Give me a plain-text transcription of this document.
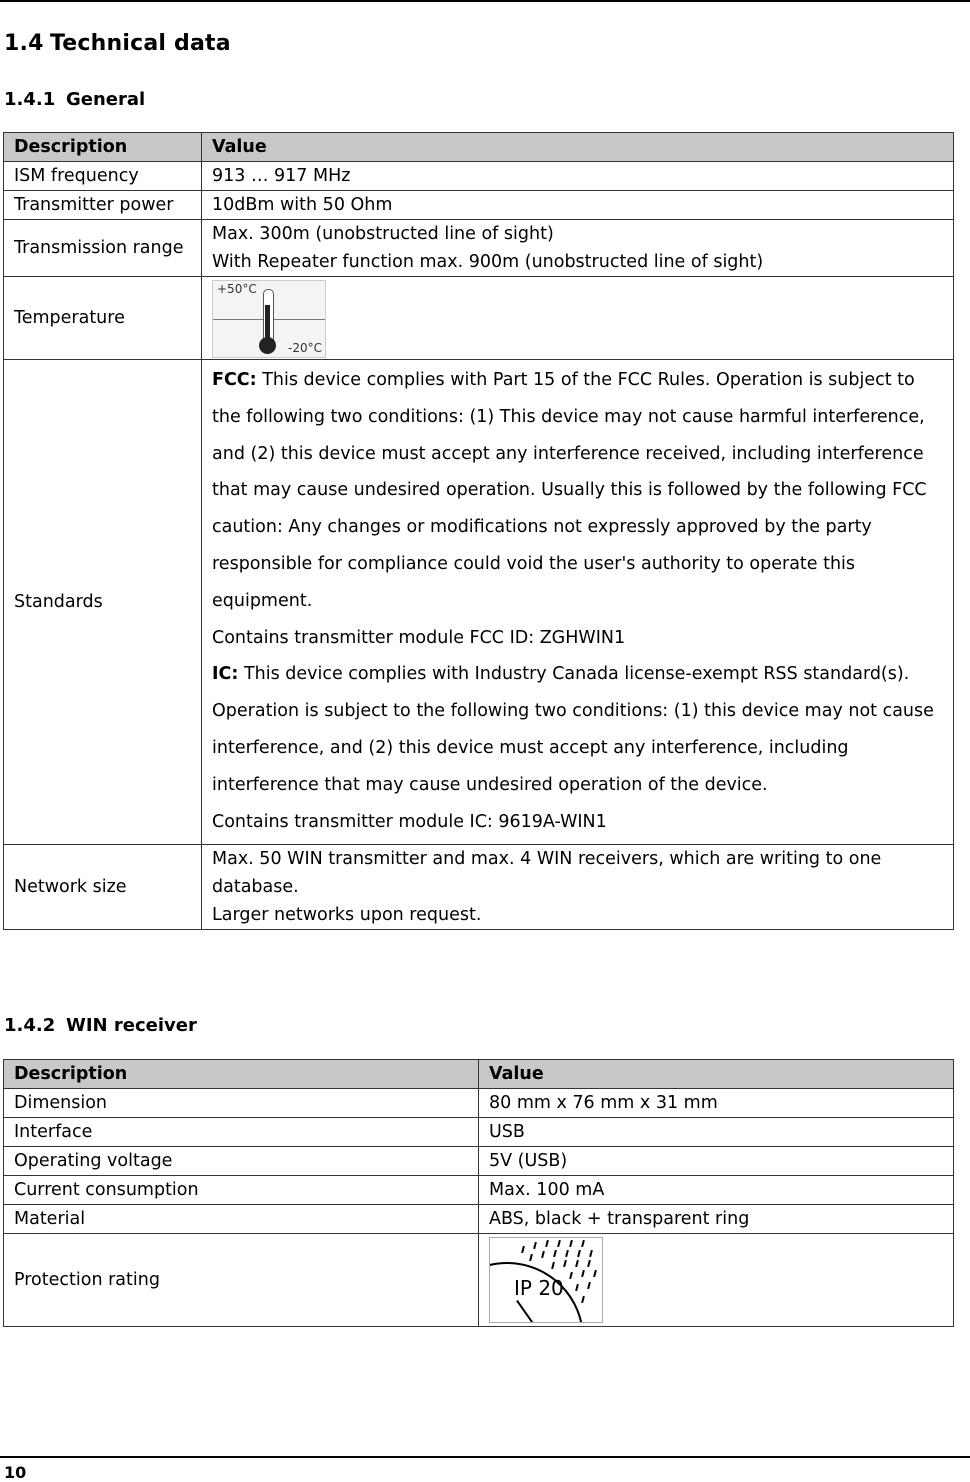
1.4 Technical data
1.4.1 General
Description	Value
ISM frequency	913 … 917 MHz
Transmitter power	10dBm with 50 Ohm
Transmission range	Max. 300m (unobstructed line of sight)
With Repeater function max. 900m (unobstructed line of sight)

Temperature	+50°C
-20°C

Standards	FCC: This device complies with Part 15 of the FCC Rules. Operation is subject to the following two conditions: (1) This device may not cause harmful interference, and (2) this device must accept any interference received, including interference that may cause undesired operation. Usually this is followed by the following FCC caution: Any changes or modifications not expressly approved by the party responsible for compliance could void the user's authority to operate this equipment.
Contains transmitter module FCC ID: ZGHWIN1
IC: This device complies with Industry Canada license-exempt RSS standard(s). Operation is subject to the following two conditions: (1) this device may not cause interference, and (2) this device must accept any interference, including interference that may cause undesired operation of the device.
Contains transmitter module IC: 9619A-WIN1

Network size	Max. 50 WIN transmitter and max. 4 WIN receivers, which are writing to one database.
Larger networks upon request.
1.4.2 WIN receiver
Description	Value
Dimension	80 mm x 76 mm x 31 mm
Interface	USB
Operating voltage	5V (USB)
Current consumption	Max. 100 mA
Material	ABS, black + transparent ring
Protection rating	IP 20
10
